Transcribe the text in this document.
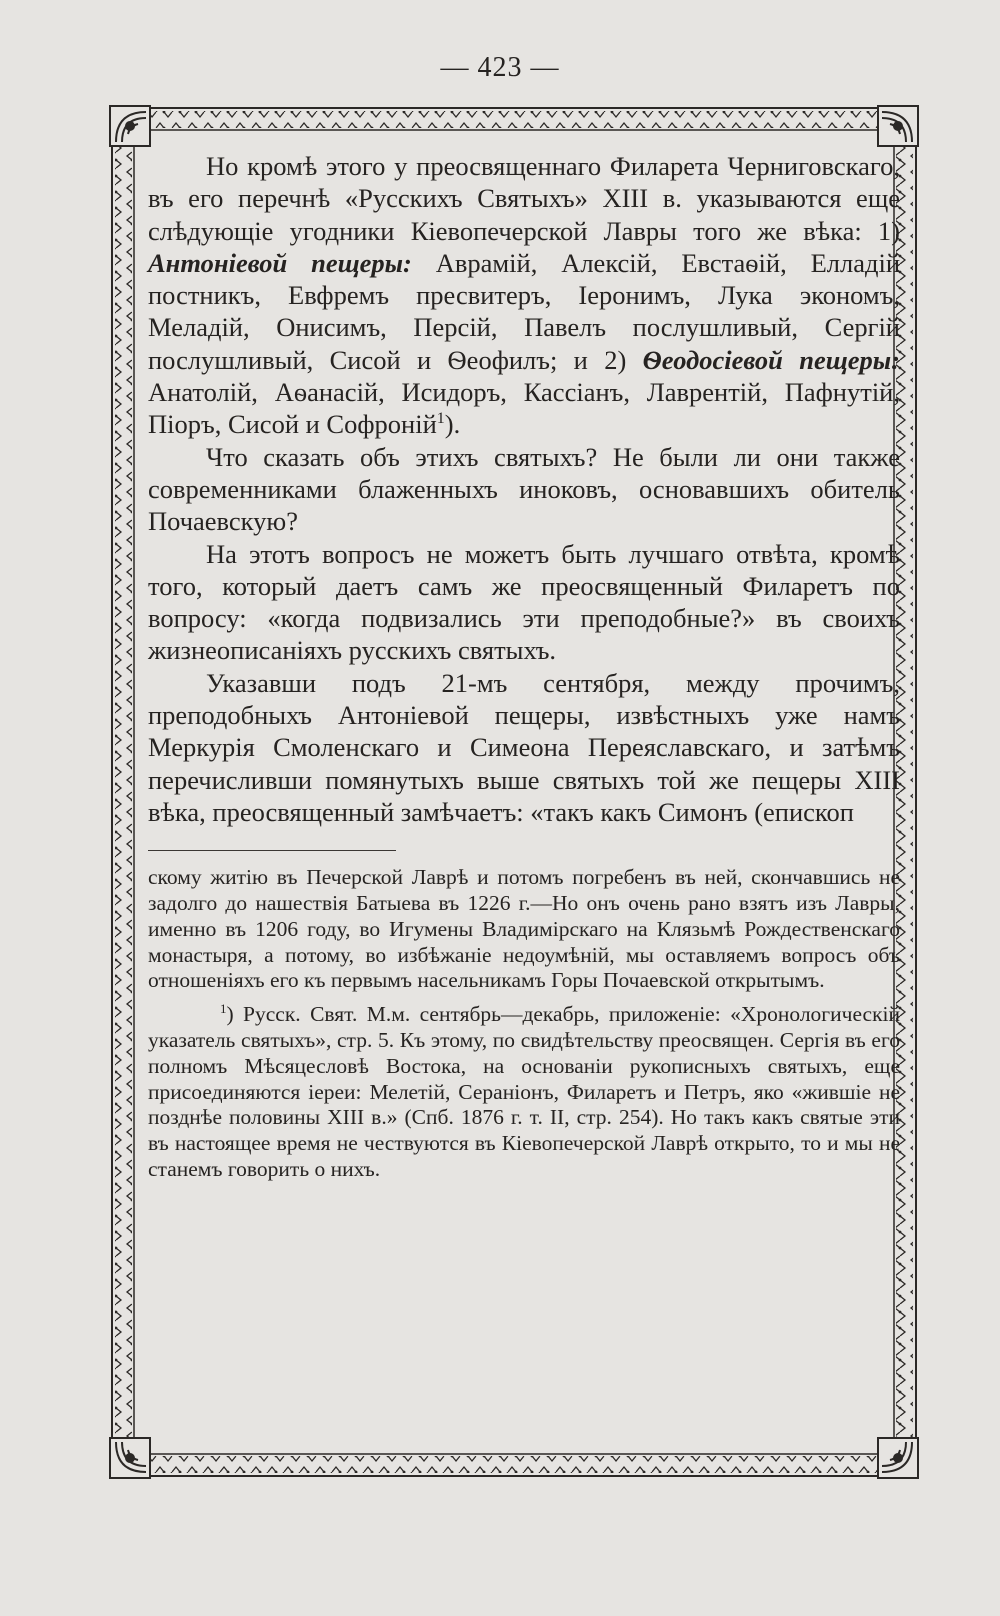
— 423 —

Но кромѣ этого у преосвященнаго Филарета Черниговскаго, въ его перечнѣ «Русскихъ Святыхъ» XIII в. указываются еще слѣдующіе угодники Кіевопечерской Лавры того же вѣка: 1) Антоніевой пещеры: Аврамій, Алексій, Евстаѳій, Елладій постникъ, Евфремъ пресвитеръ, Іеронимъ, Лука экономъ, Меладій, Онисимъ, Персій, Павелъ послушливый, Сергій послушливый, Сисой и Ѳеофилъ; и 2) Ѳеодосіевой пещеры: Анатолій, Аѳанасій, Исидоръ, Кассіанъ, Лаврентій, Пафнутій, Піоръ, Сисой и Софроній$^1$).

Что сказать объ этихъ святыхъ? Не были ли они также современниками блаженныхъ иноковъ, основавшихъ обитель Почаевскую?

На этотъ вопросъ не можетъ быть лучшаго отвѣта, кромѣ того, который даетъ самъ же преосвященный Филаретъ по вопросу: «когда подвизались эти преподобные?» въ своихъ жизнеописаніяхъ русскихъ святыхъ.

Указавши подъ 21-мъ сентября, между прочимъ, преподобныхъ Антоніевой пещеры, извѣстныхъ уже намъ Меркурія Смоленскаго и Симеона Переяславскаго, и затѣмъ перечисливши помянутыхъ выше святыхъ той же пещеры XIII вѣка, преосвященный замѣчаетъ: «такъ какъ Симонъ (епископ

скому житію въ Печерской Лаврѣ и потомъ погребенъ въ ней, скончавшись не задолго до нашествія Батыева въ 1226 г.—Но онъ очень рано взятъ изъ Лавры, именно въ 1206 году, во Игумены Владимірскаго на Клязьмѣ Рождественскаго монастыря, а потому, во избѣжаніе недоумѣній, мы оставляемъ вопросъ объ отношеніяхъ его къ первымъ насельникамъ Горы Почаевской открытымъ.

$^1$) Русск. Свят. М.м. сентябрь—декабрь, приложеніе: «Хронологическій указатель святыхъ», стр. 5. Къ этому, по свидѣтельству преосвящен. Сергія въ его полномъ Мѣсяцесловѣ Востока, на основаніи рукописныхъ святыхъ, еще присоединяются іереи: Мелетій, Сераніонъ, Филаретъ и Петръ, яко «жившіе не позднѣе половины XIII в.» (Спб. 1876 г. т. II, стр. 254). Но такъ какъ святые эти въ настоящее время не чествуются въ Кіевопечерской Лаврѣ открыто, то и мы не станемъ говорить о нихъ.
